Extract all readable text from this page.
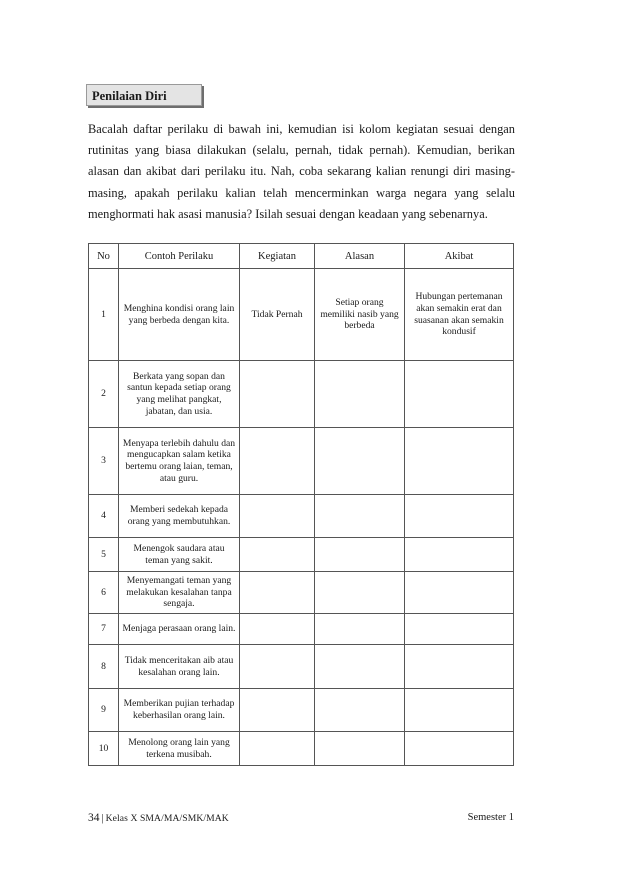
Penilaian Diri

Bacalah daftar perilaku di bawah ini, kemudian isi kolom kegiatan sesuai dengan rutinitas yang biasa dilakukan (selalu, pernah, tidak pernah). Kemudian, berikan alasan dan akibat dari perilaku itu. Nah, coba sekarang kalian renungi diri masing- masing, apakah perilaku kalian telah mencerminkan warga negara yang selalu menghormati hak asasi manusia? Isilah sesuai dengan keadaan yang sebenarnya.

No	Contoh Perilaku	Kegiatan	Alasan	Akibat
1	Menghina kondisi orang lain yang berbeda dengan kita.	Tidak Pernah	Setiap orang memiliki nasib yang berbeda	Hubungan pertemanan akan semakin erat dan suasanan akan semakin kondusif
2	Berkata yang sopan dan santun kepada setiap orang yang melihat pangkat, jabatan, dan usia.			
3	Menyapa terlebih dahulu dan mengucapkan salam ketika bertemu orang laian, teman, atau guru.			
4	Memberi sedekah kepada orang yang membutuhkan.			
5	Menengok saudara atau teman yang sakit.			
6	Menyemangati teman yang melakukan kesalahan tanpa sengaja.			
7	Menjaga perasaan orang lain.			
8	Tidak menceritakan aib atau kesalahan orang lain.			
9	Memberikan pujian terhadap keberhasilan orang lain.			
10	Menolong orang lain yang terkena musibah.			
34 | Kelas X SMA/MA/SMK/MAK	Semester 1
